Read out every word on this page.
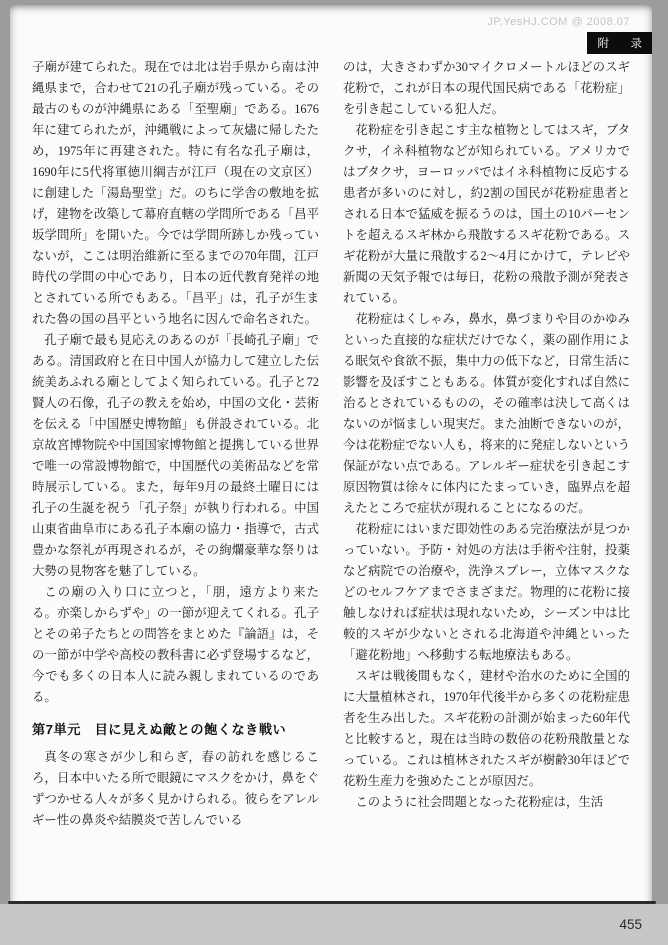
JP.YesHJ.COM @ 2008.07
附　录

子廟が建てられた。現在では北は岩手県から南は沖縄県まで，合わせて21の孔子廟が残っている。その最古のものが沖縄県にある「至聖廟」である。1676年に建てられたが，沖縄戦によって灰燼に帰したため，1975年に再建された。特に有名な孔子廟は，1690年に5代将軍徳川綱吉が江戸（現在の文京区）に創建した「湯島聖堂」だ。のちに学舎の敷地を拡げ，建物を改築して幕府直轄の学問所である「昌平坂学問所」を開いた。今では学問所跡しか残っていないが，ここは明治維新に至るまでの70年間，江戸時代の学問の中心であり，日本の近代教育発祥の地とされている所でもある。「昌平」は，孔子が生まれた魯の国の昌平という地名に因んで命名された。

孔子廟で最も見応えのあるのが「長崎孔子廟」である。清国政府と在日中国人が協力して建立した伝統美あふれる廟としてよく知られている。孔子と72賢人の石像，孔子の教えを始め，中国の文化・芸術を伝える「中国歴史博物館」も併設されている。北京故宮博物院や中国国家博物館と提携している世界で唯一の常設博物館で，中国歴代の美術品などを常時展示している。また，毎年9月の最終土曜日には孔子の生誕を祝う「孔子祭」が執り行われる。中国山東省曲阜市にある孔子本廟の協力・指導で，古式豊かな祭礼が再現されるが，その絢爛豪華な祭りは大勢の見物客を魅了している。

この廟の入り口に立つと，「朋，遠方より来たる。亦楽しからずや」の一節が迎えてくれる。孔子とその弟子たちとの問答をまとめた『論語』は，その一節が中学や高校の教科書に必ず登場するなど，今でも多くの日本人に読み親しまれているのである。

第7単元　目に見えぬ敵との飽くなき戦い

真冬の寒さが少し和らぎ，春の訪れを感じるころ，日本中いたる所で眼鏡にマスクをかけ，鼻をぐずつかせる人々が多く見かけられる。彼らをアレルギー性の鼻炎や結膜炎で苦しんでいる

のは，大きさわずか30マイクロメートルほどのスギ花粉で，これが日本の現代国民病である「花粉症」を引き起こしている犯人だ。

花粉症を引き起こす主な植物としてはスギ，ブタクサ，イネ科植物などが知られている。アメリカではブタクサ，ヨーロッパではイネ科植物に反応する患者が多いのに対し，約2割の国民が花粉症患者とされる日本で猛威を振るうのは，国土の10パーセントを超えるスギ林から飛散するスギ花粉である。スギ花粉が大量に飛散する2～4月にかけて，テレビや新聞の天気予報では毎日，花粉の飛散予測が発表されている。

花粉症はくしゃみ，鼻水，鼻づまりや目のかゆみといった直接的な症状だけでなく，薬の副作用による眠気や食欲不振，集中力の低下など，日常生活に影響を及ぼすこともある。体質が変化すれば自然に治るとされているものの，その確率は決して高くはないのが悩ましい現実だ。また油断できないのが，今は花粉症でない人も，将来的に発症しないという保証がない点である。アレルギー症状を引き起こす原因物質は徐々に体内にたまっていき，臨界点を超えたところで症状が現れることになるのだ。

花粉症にはいまだ即効性のある完治療法が見つかっていない。予防・対処の方法は手術や注射，投薬など病院での治療や，洗浄スプレー，立体マスクなどのセルフケアまでさまざまだ。物理的に花粉に接触しなければ症状は現れないため，シーズン中は比較的スギが少ないとされる北海道や沖縄といった「避花粉地」へ移動する転地療法もある。

スギは戦後間もなく，建材や治水のために全国的に大量植林され，1970年代後半から多くの花粉症患者を生み出した。スギ花粉の計測が始まった60年代と比較すると，現在は当時の数倍の花粉飛散量となっている。これは植林されたスギが樹齢30年ほどで花粉生産力を強めたことが原因だ。

このように社会問題となった花粉症は，生活

455
